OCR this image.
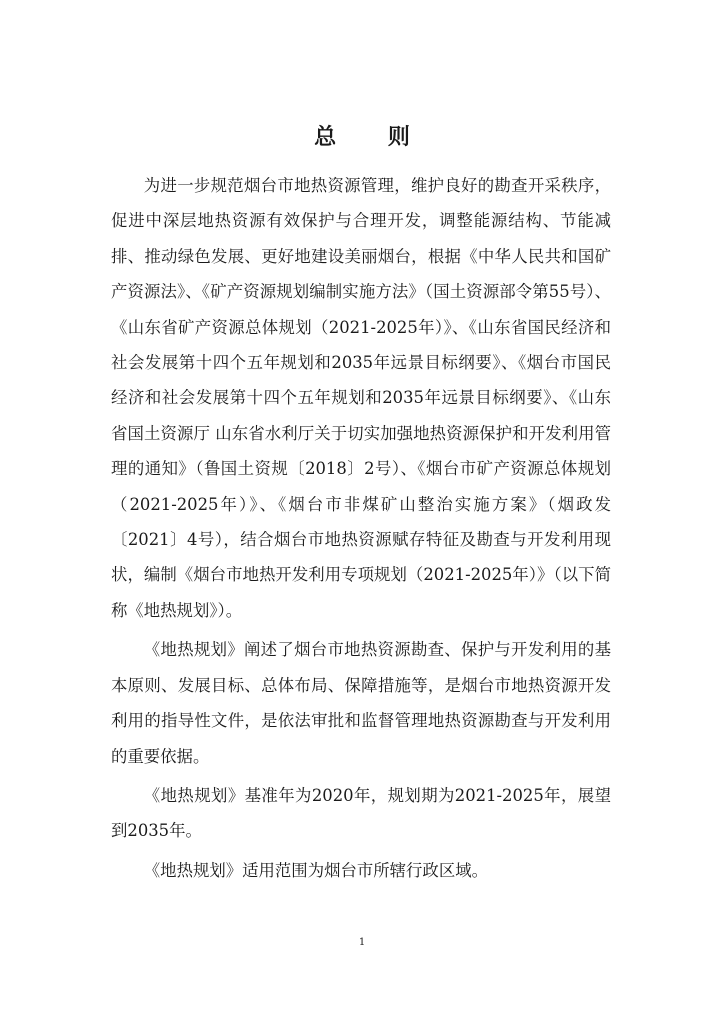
总 则

为进一步规范烟台市地热资源管理，维护良好的勘查开采秩序，促进中深层地热资源有效保护与合理开发，调整能源结构、节能减排、推动绿色发展、更好地建设美丽烟台，根据《中华人民共和国矿产资源法》、《矿产资源规划编制实施方法》（国土资源部令第55号）、《山东省矿产资源总体规划（2021-2025年）》、《山东省国民经济和社会发展第十四个五年规划和2035年远景目标纲要》、《烟台市国民经济和社会发展第十四个五年规划和2035年远景目标纲要》、《山东省国土资源厅 山东省水利厅关于切实加强地热资源保护和开发利用管理的通知》（鲁国土资规〔2018〕2号）、《烟台市矿产资源总体规划（2021-2025年）》、《烟台市非煤矿山整治实施方案》（烟政发〔2021〕4号），结合烟台市地热资源赋存特征及勘查与开发利用现状，编制《烟台市地热开发利用专项规划（2021-2025年）》（以下简称《地热规划》）。

《地热规划》阐述了烟台市地热资源勘查、保护与开发利用的基本原则、发展目标、总体布局、保障措施等，是烟台市地热资源开发利用的指导性文件，是依法审批和监督管理地热资源勘查与开发利用的重要依据。

《地热规划》基准年为2020年，规划期为2021-2025年，展望到2035年。

《地热规划》适用范围为烟台市所辖行政区域。

1
